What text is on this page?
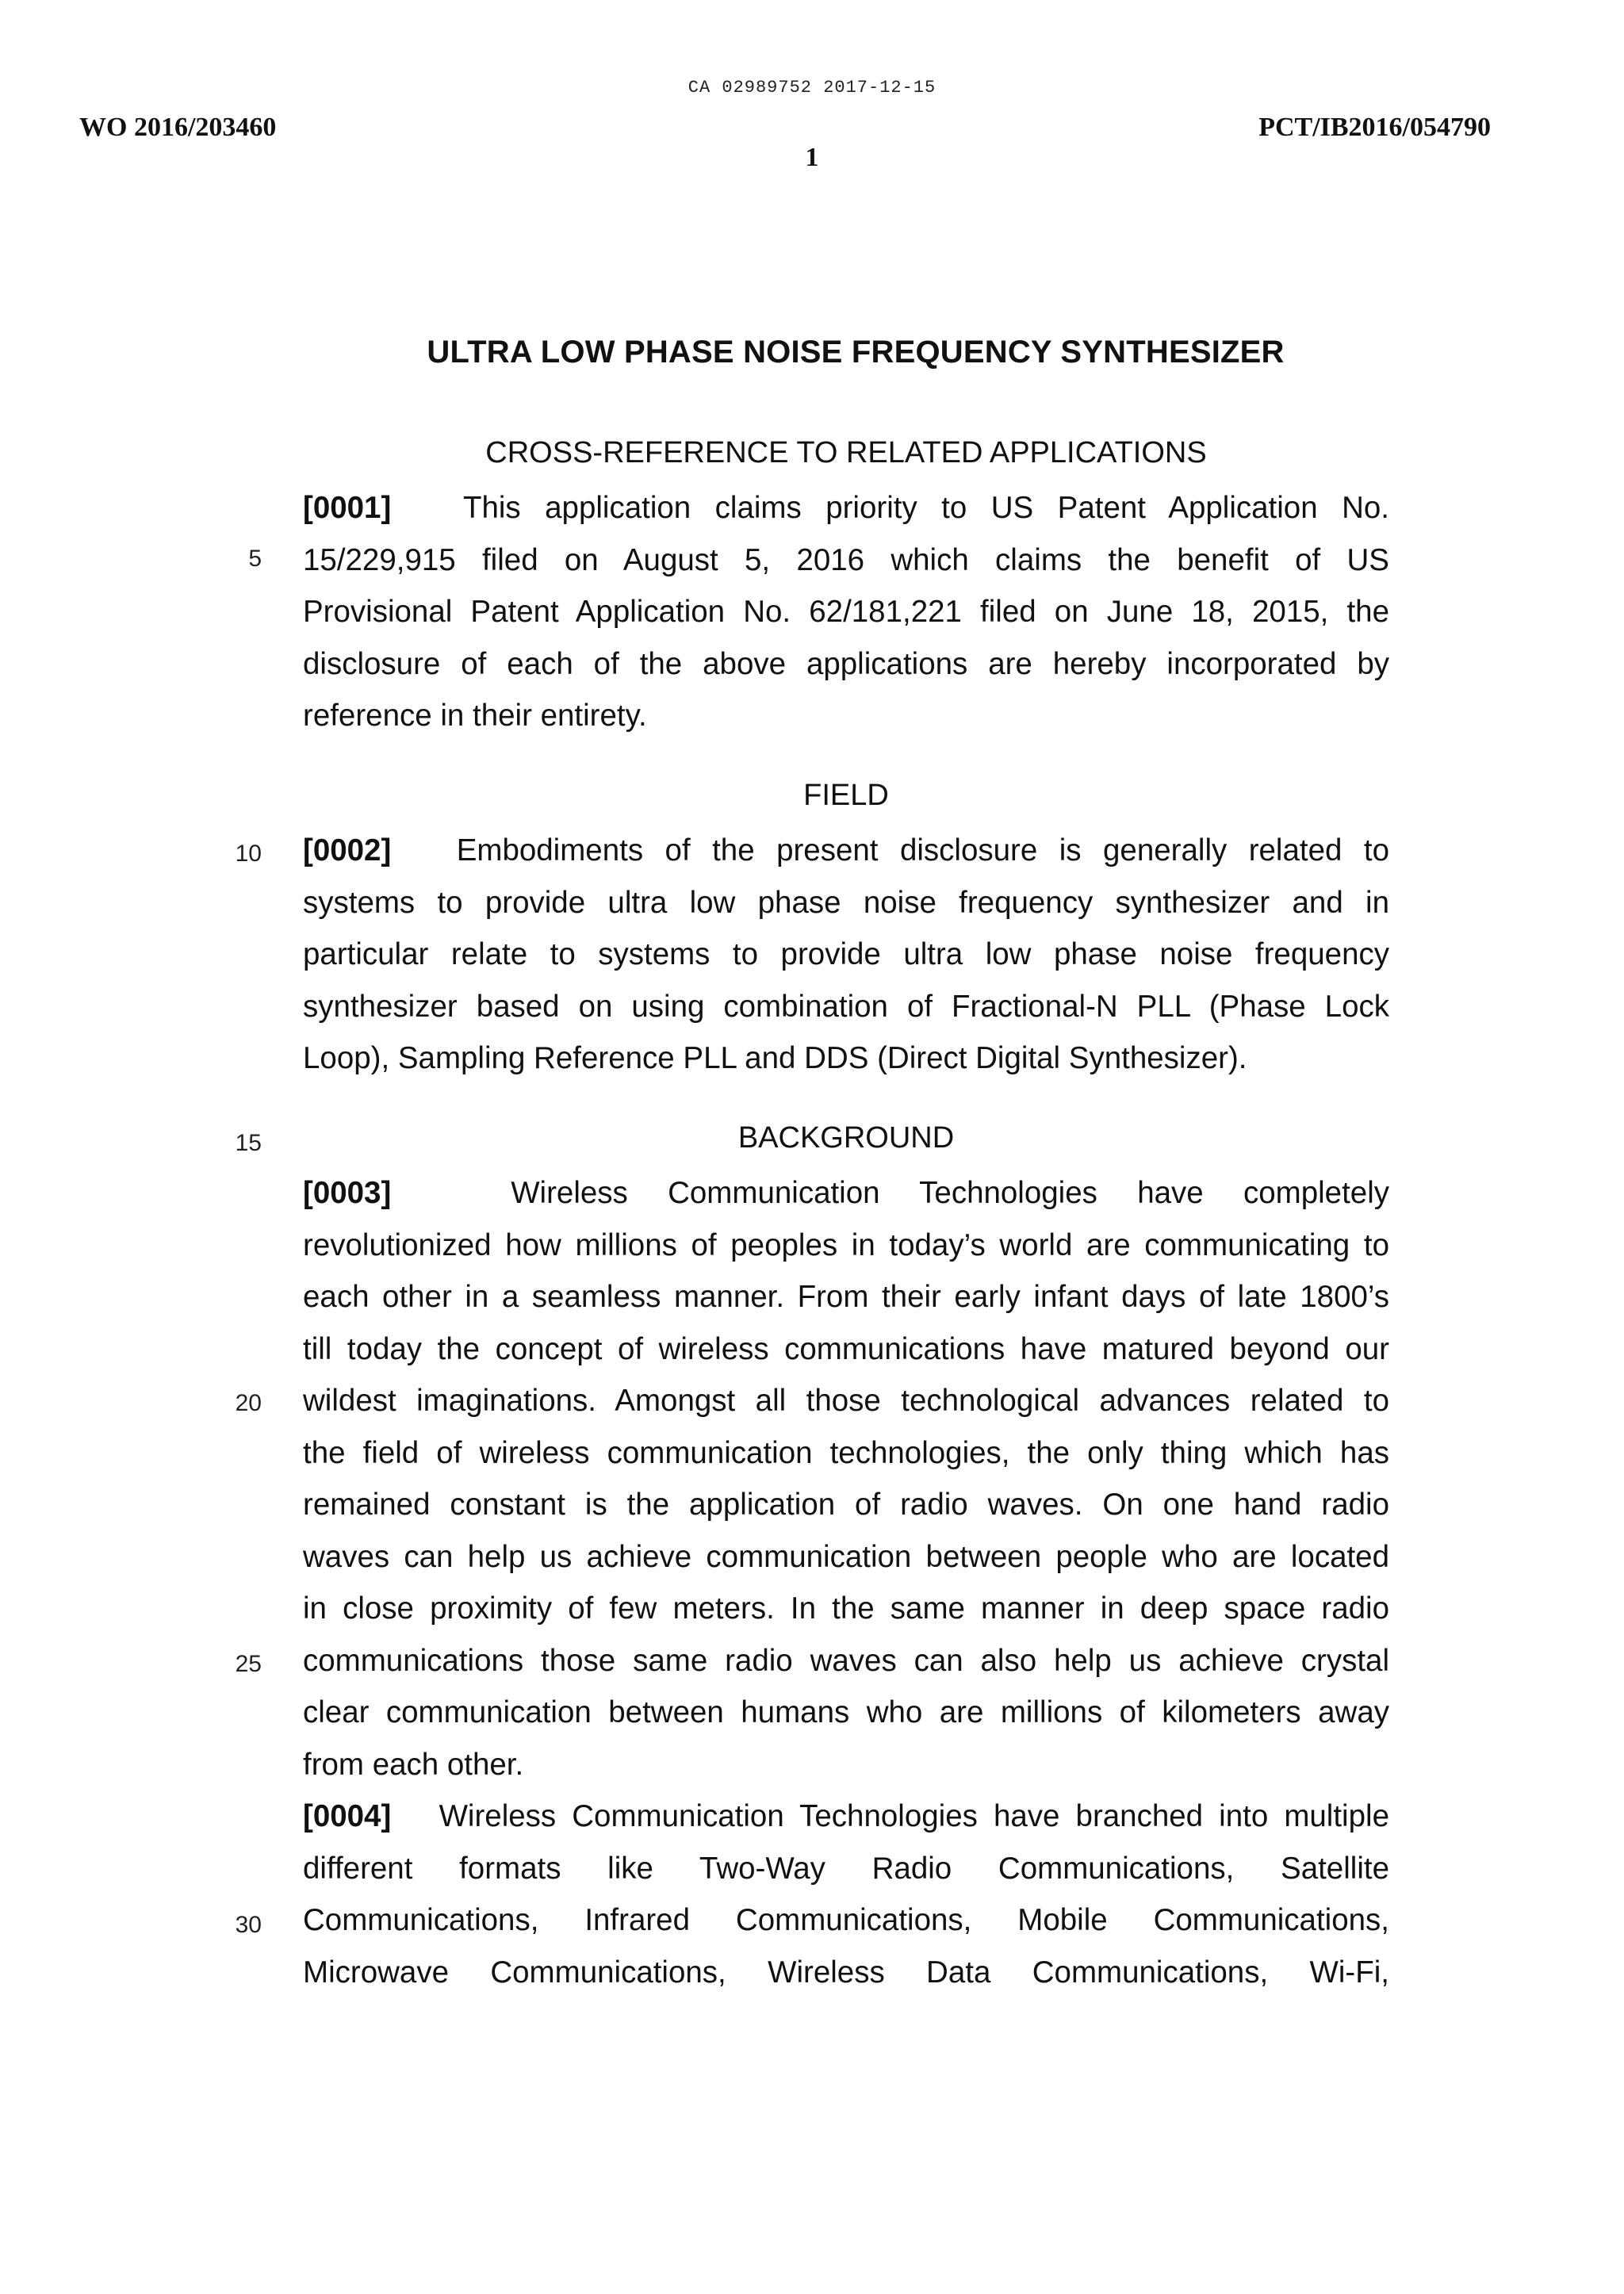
CA 02989752 2017-12-15
WO 2016/203460	PCT/IB2016/054790
1
ULTRA LOW PHASE NOISE FREQUENCY SYNTHESIZER
CROSS-REFERENCE TO RELATED APPLICATIONS
[0001] This application claims priority to US Patent Application No.
15/229,915 filed on August 5, 2016 which claims the benefit of US
Provisional Patent Application No. 62/181,221 filed on June 18, 2015, the
disclosure of each of the above applications are hereby incorporated by
reference in their entirety.
FIELD
[0002] Embodiments of the present disclosure is generally related to
systems to provide ultra low phase noise frequency synthesizer and in
particular relate to systems to provide ultra low phase noise frequency
synthesizer based on using combination of Fractional-N PLL (Phase Lock
Loop), Sampling Reference PLL and DDS (Direct Digital Synthesizer).
BACKGROUND
[0003]	Wireless Communication Technologies have completely
revolutionized how millions of peoples in today’s world are communicating to
each other in a seamless manner. From their early infant days of late 1800’s
till today the concept of wireless communications have matured beyond our
wildest imaginations. Amongst all those technological advances related to
the field of wireless communication technologies, the only thing which has
remained constant is the application of radio waves. On one hand radio
waves can help us achieve communication between people who are located
in close proximity of few meters. In the same manner in deep space radio
communications those same radio waves can also help us achieve crystal
clear communication between humans who are millions of kilometers away
from each other.
[0004] Wireless Communication Technologies have branched into multiple
different formats like Two-Way Radio Communications, Satellite
Communications, Infrared Communications, Mobile Communications,
Microwave Communications, Wireless Data Communications, Wi-Fi,
5
10
15
20
25
30
